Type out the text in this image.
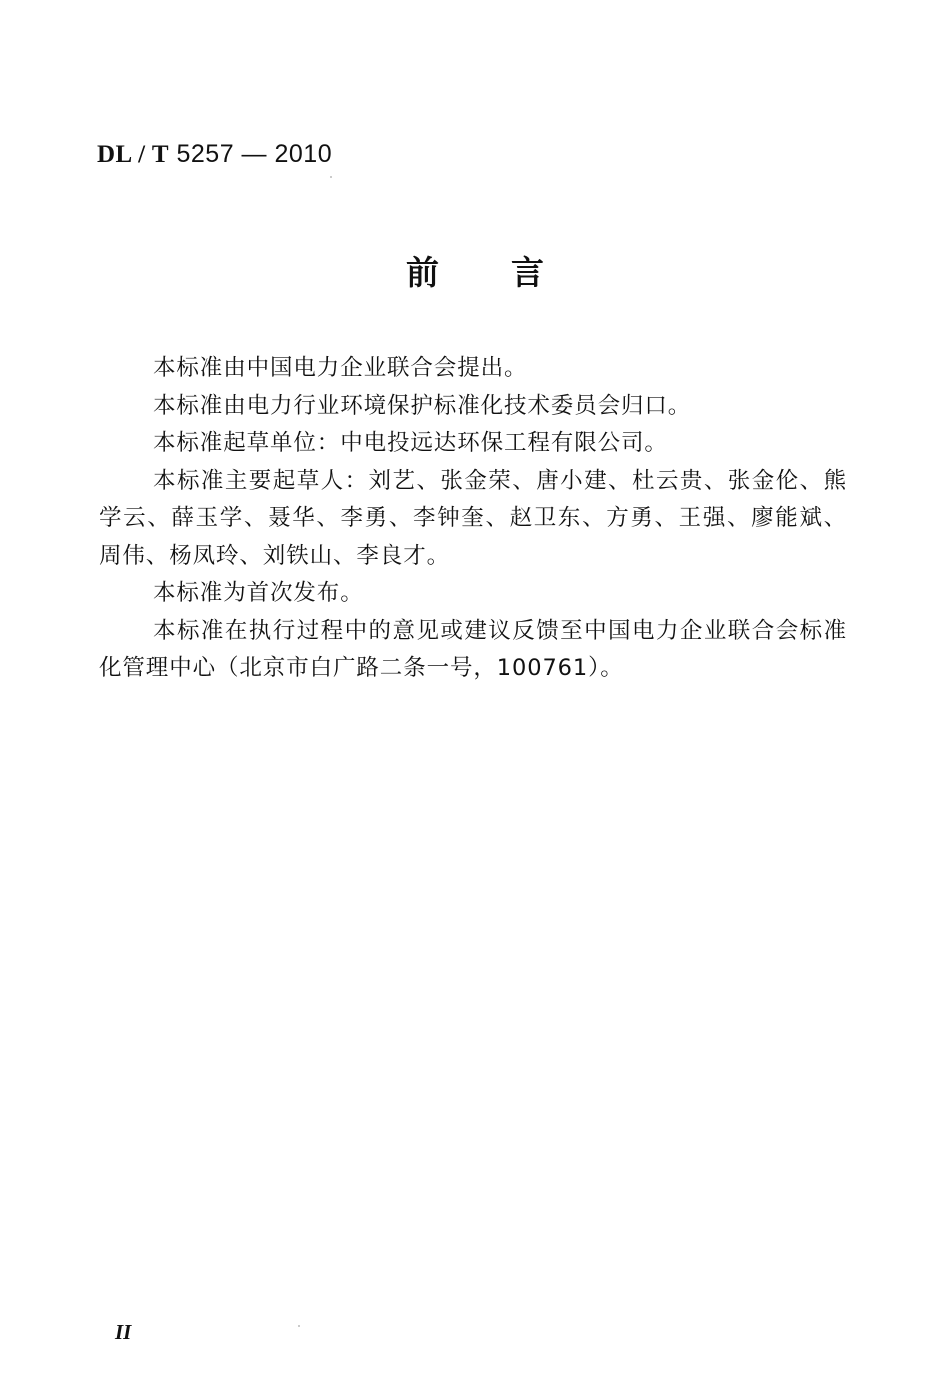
DL / T 5257 — 2010
前 言

本标准由中国电力企业联合会提出。

本标准由电力行业环境保护标准化技术委员会归口。

本标准起草单位：中电投远达环保工程有限公司。

本标准主要起草人：刘艺、张金荣、唐小建、杜云贵、张金伦、熊学云、薛玉学、聂华、李勇、李钟奎、赵卫东、方勇、王强、廖能斌、周伟、杨凤玲、刘铁山、李良才。

本标准为首次发布。

本标准在执行过程中的意见或建议反馈至中国电力企业联合会标准化管理中心（北京市白广路二条一号，100761）。

II
